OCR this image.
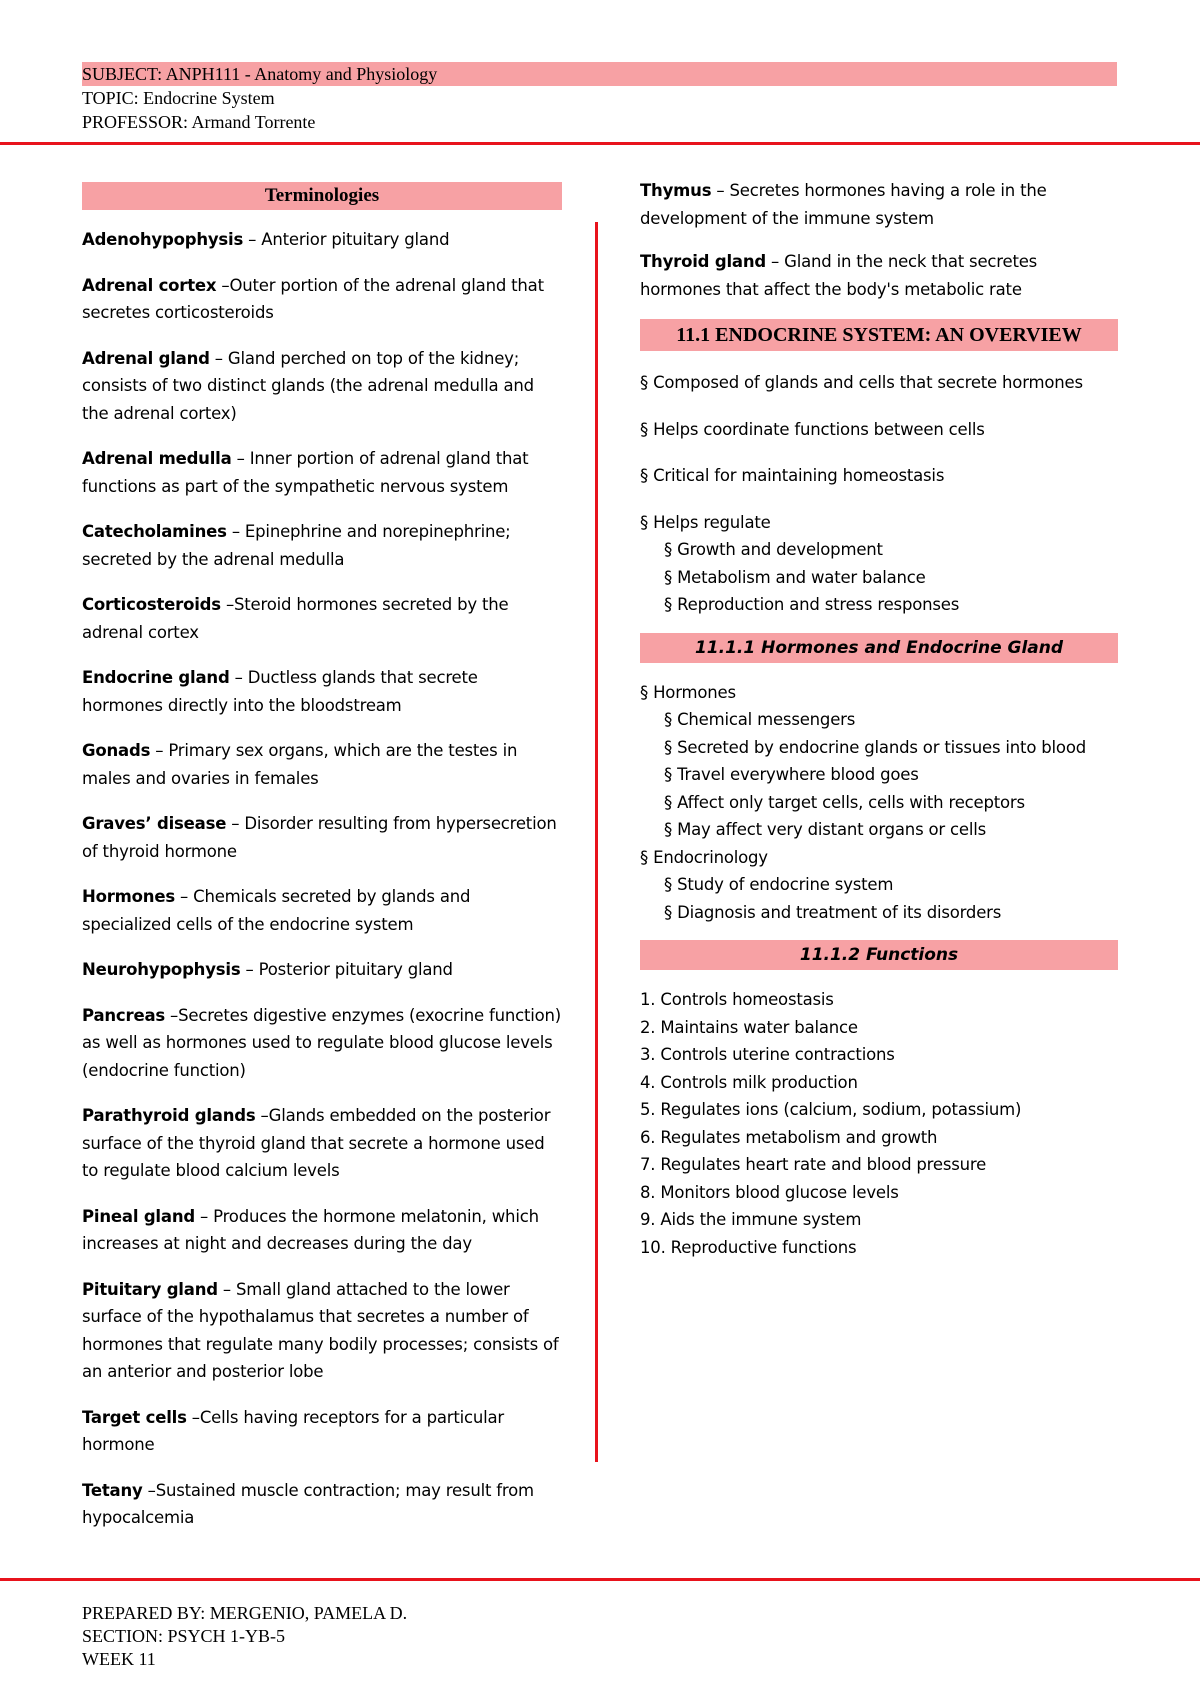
SUBJECT: ANPH111 - Anatomy and Physiology
TOPIC: Endocrine System
PROFESSOR: Armand Torrente
Terminologies
Adenohypophysis – Anterior pituitary gland
Adrenal cortex –Outer portion of the adrenal gland that secretes corticosteroids
Adrenal gland – Gland perched on top of the kidney; consists of two distinct glands (the adrenal medulla and the adrenal cortex)
Adrenal medulla – Inner portion of adrenal gland that functions as part of the sympathetic nervous system
Catecholamines – Epinephrine and norepinephrine; secreted by the adrenal medulla
Corticosteroids –Steroid hormones secreted by the adrenal cortex
Endocrine gland – Ductless glands that secrete hormones directly into the bloodstream
Gonads – Primary sex organs, which are the testes in males and ovaries in females
Graves’ disease – Disorder resulting from hypersecretion of thyroid hormone
Hormones – Chemicals secreted by glands and specialized cells of the endocrine system
Neurohypophysis – Posterior pituitary gland
Pancreas –Secretes digestive enzymes (exocrine function) as well as hormones used to regulate blood glucose levels (endocrine function)
Parathyroid glands –Glands embedded on the posterior surface of the thyroid gland that secrete a hormone used to regulate blood calcium levels
Pineal gland – Produces the hormone melatonin, which increases at night and decreases during the day
Pituitary gland – Small gland attached to the lower surface of the hypothalamus that secretes a number of hormones that regulate many bodily processes; consists of an anterior and posterior lobe
Target cells –Cells having receptors for a particular hormone
Tetany –Sustained muscle contraction; may result from hypocalcemia
Thymus – Secretes hormones having a role in the development of the immune system
Thyroid gland – Gland in the neck that secretes hormones that affect the body's metabolic rate
11.1 ENDOCRINE SYSTEM: AN OVERVIEW
§ Composed of glands and cells that secrete hormones
§ Helps coordinate functions between cells
§ Critical for maintaining homeostasis
§ Helps regulate
§ Growth and development
§ Metabolism and water balance
§ Reproduction and stress responses
11.1.1 Hormones and Endocrine Gland
§ Hormones
§ Chemical messengers
§ Secreted by endocrine glands or tissues into blood
§ Travel everywhere blood goes
§ Affect only target cells, cells with receptors
§ May affect very distant organs or cells
§ Endocrinology
§ Study of endocrine system
§ Diagnosis and treatment of its disorders
11.1.2 Functions
1. Controls homeostasis
2. Maintains water balance
3. Controls uterine contractions
4. Controls milk production
5. Regulates ions (calcium, sodium, potassium)
6. Regulates metabolism and growth
7. Regulates heart rate and blood pressure
8. Monitors blood glucose levels
9. Aids the immune system
10. Reproductive functions
PREPARED BY: MERGENIO, PAMELA D.
SECTION: PSYCH 1-YB-5
WEEK 11
